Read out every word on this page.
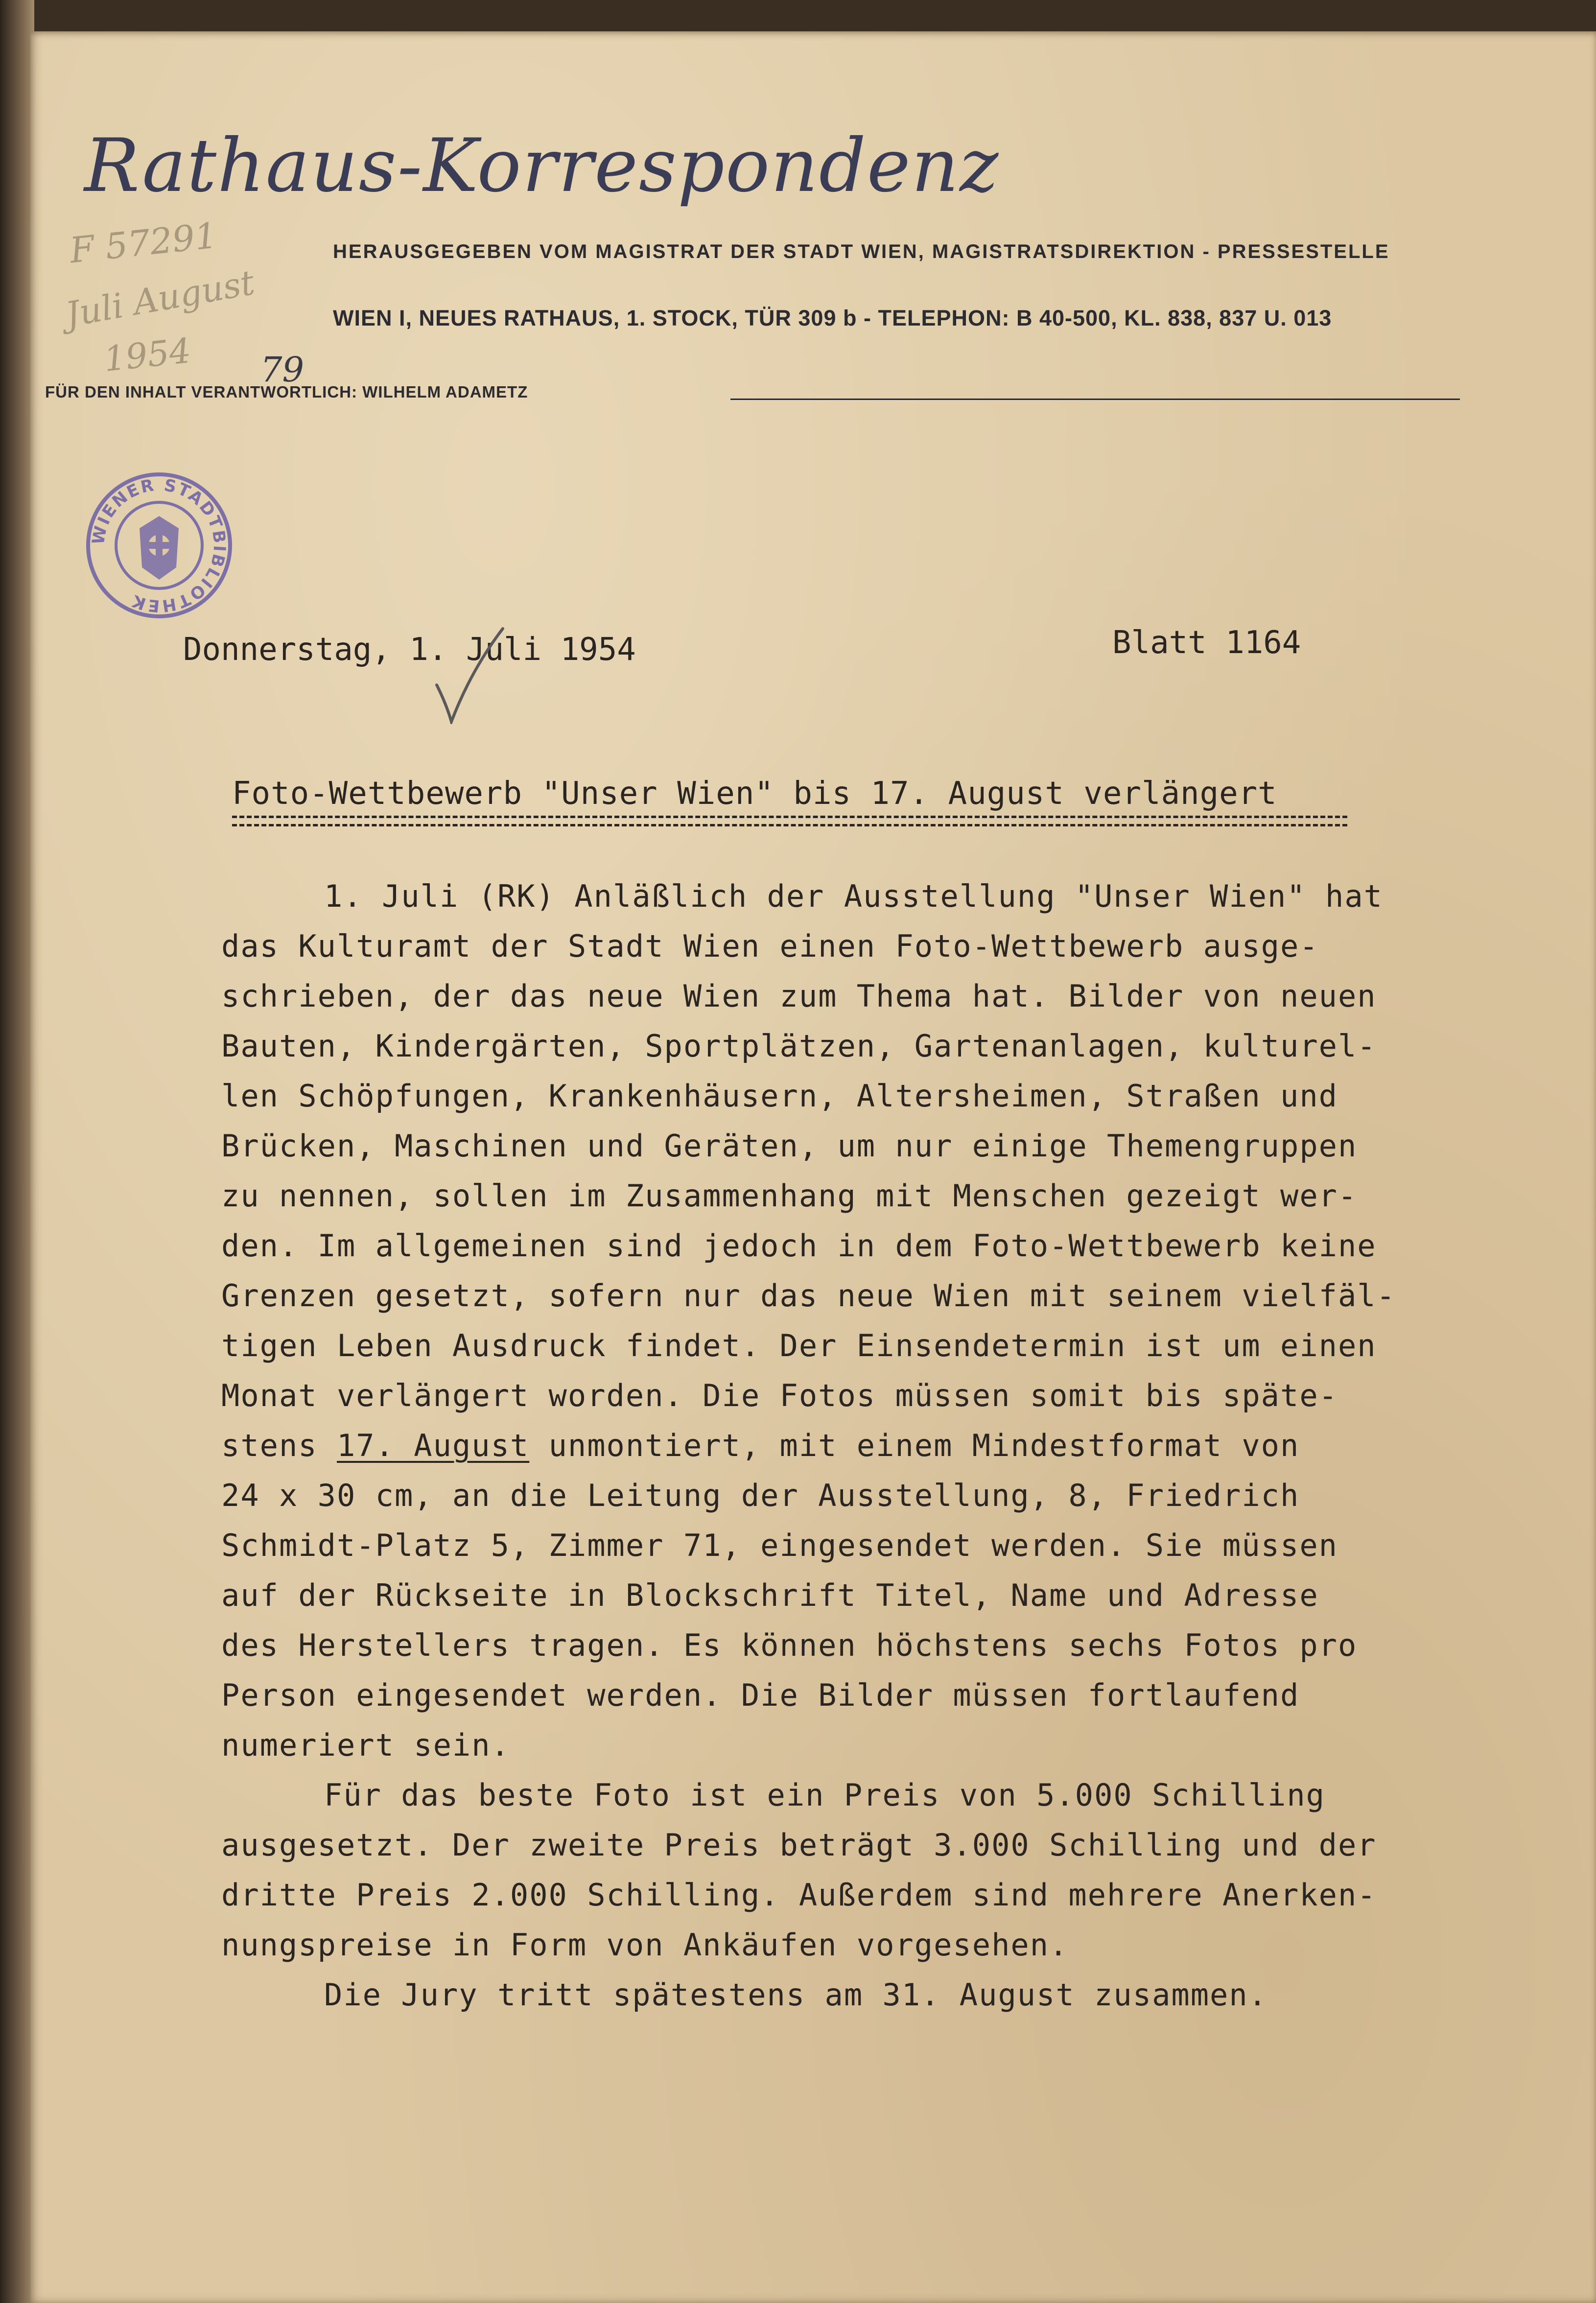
Rathaus-Korrespondenz
HERAUSGEGEBEN VOM MAGISTRAT DER STADT WIEN, MAGISTRATSDIREKTION - PRESSESTELLE
WIEN I, NEUES RATHAUS, 1. STOCK, TÜR 309 b - TELEPHON: B 40-500, KL. 838, 837 U. 013
F 57291
Juli August
1954 79
FÜR DEN INHALT VERANTWORTLICH: WILHELM ADAMETZ
WIENER STADTBIBLIOTHEK

Donnerstag, 1. Juli 1954	Blatt 1164

Foto-Wettbewerb "Unser Wien" bis 17. August verlängert
1. Juli (RK) Anläßlich der Ausstellung "Unser Wien" hat
das Kulturamt der Stadt Wien einen Foto-Wettbewerb ausge-
schrieben, der das neue Wien zum Thema hat. Bilder von neuen
Bauten, Kindergärten, Sportplätzen, Gartenanlagen, kulturel-
len Schöpfungen, Krankenhäusern, Altersheimen, Straßen und
Brücken, Maschinen und Geräten, um nur einige Themengruppen
zu nennen, sollen im Zusammenhang mit Menschen gezeigt wer-
den. Im allgemeinen sind jedoch in dem Foto-Wettbewerb keine
Grenzen gesetzt, sofern nur das neue Wien mit seinem vielfäl-
tigen Leben Ausdruck findet. Der Einsendetermin ist um einen
Monat verlängert worden. Die Fotos müssen somit bis späte-
stens 17. August unmontiert, mit einem Mindestformat von
24 x 30 cm, an die Leitung der Ausstellung, 8, Friedrich
Schmidt-Platz 5, Zimmer 71, eingesendet werden. Sie müssen
auf der Rückseite in Blockschrift Titel, Name und Adresse
des Herstellers tragen. Es können höchstens sechs Fotos pro
Person eingesendet werden. Die Bilder müssen fortlaufend
numeriert sein.
Für das beste Foto ist ein Preis von 5.000 Schilling
ausgesetzt. Der zweite Preis beträgt 3.000 Schilling und der
dritte Preis 2.000 Schilling. Außerdem sind mehrere Anerken-
nungspreise in Form von Ankäufen vorgesehen.
Die Jury tritt spätestens am 31. August zusammen.
